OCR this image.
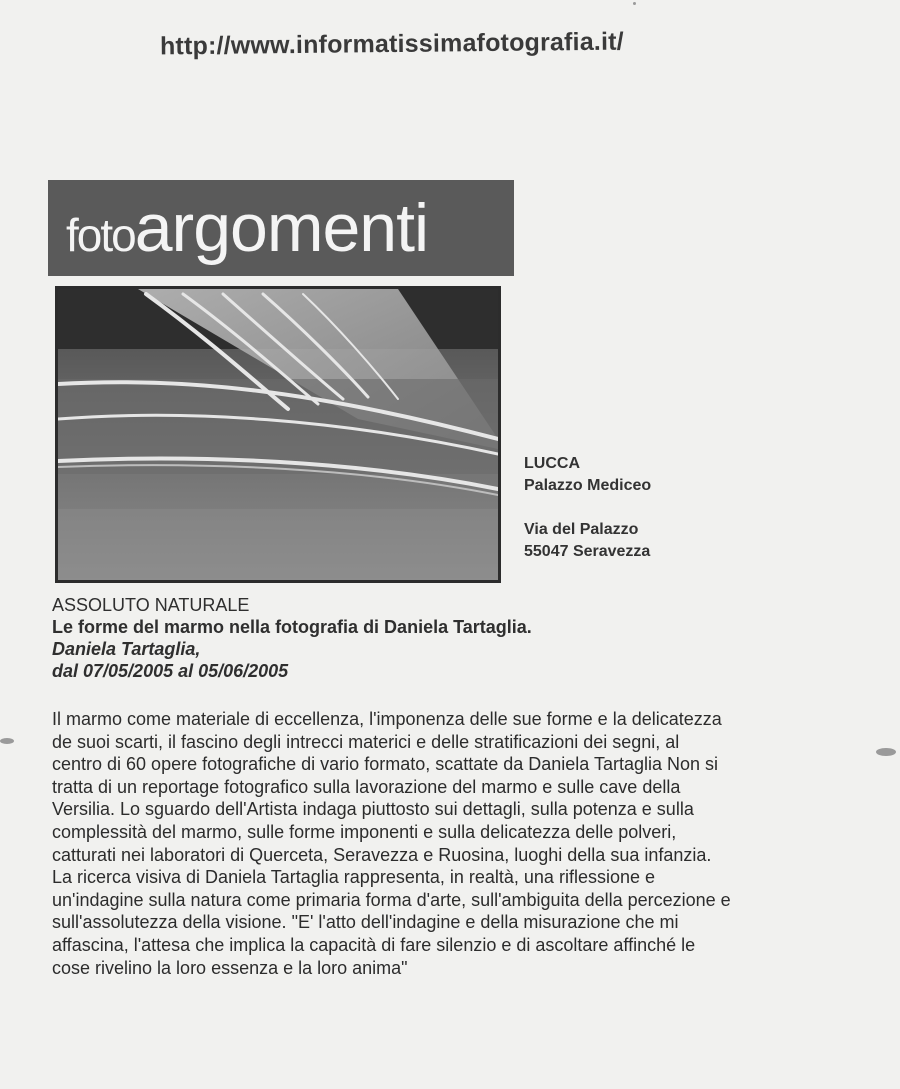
http://www.informatissimafotografia.it/
foto argomenti
LUCCA
Palazzo Mediceo
Via del Palazzo
55047 Seravezza
ASSOLUTO NATURALE
Le forme del marmo nella fotografia di Daniela Tartaglia.
Daniela Tartaglia,
dal 07/05/2005 al 05/06/2005
Il marmo come materiale di eccellenza, l'imponenza delle sue forme e la delicatezza
de suoi scarti, il fascino degli intrecci materici e delle stratificazioni dei segni, al
centro di 60 opere fotografiche di vario formato, scattate da Daniela Tartaglia Non si
tratta di un reportage fotografico sulla lavorazione del marmo e sulle cave della
Versilia. Lo sguardo dell'Artista indaga piuttosto sui dettagli, sulla potenza e sulla
complessità del marmo, sulle forme imponenti e sulla delicatezza delle polveri,
catturati nei laboratori di Querceta, Seravezza e Ruosina, luoghi della sua infanzia.
La ricerca visiva di Daniela Tartaglia rappresenta, in realtà, una riflessione e
un'indagine sulla natura come primaria forma d'arte, sull'ambiguita della percezione e
sull'assolutezza della visione. "E' l'atto dell'indagine e della misurazione che mi
affascina, l'attesa che implica la capacità di fare silenzio e di ascoltare affinché le
cose rivelino la loro essenza e la loro anima"
